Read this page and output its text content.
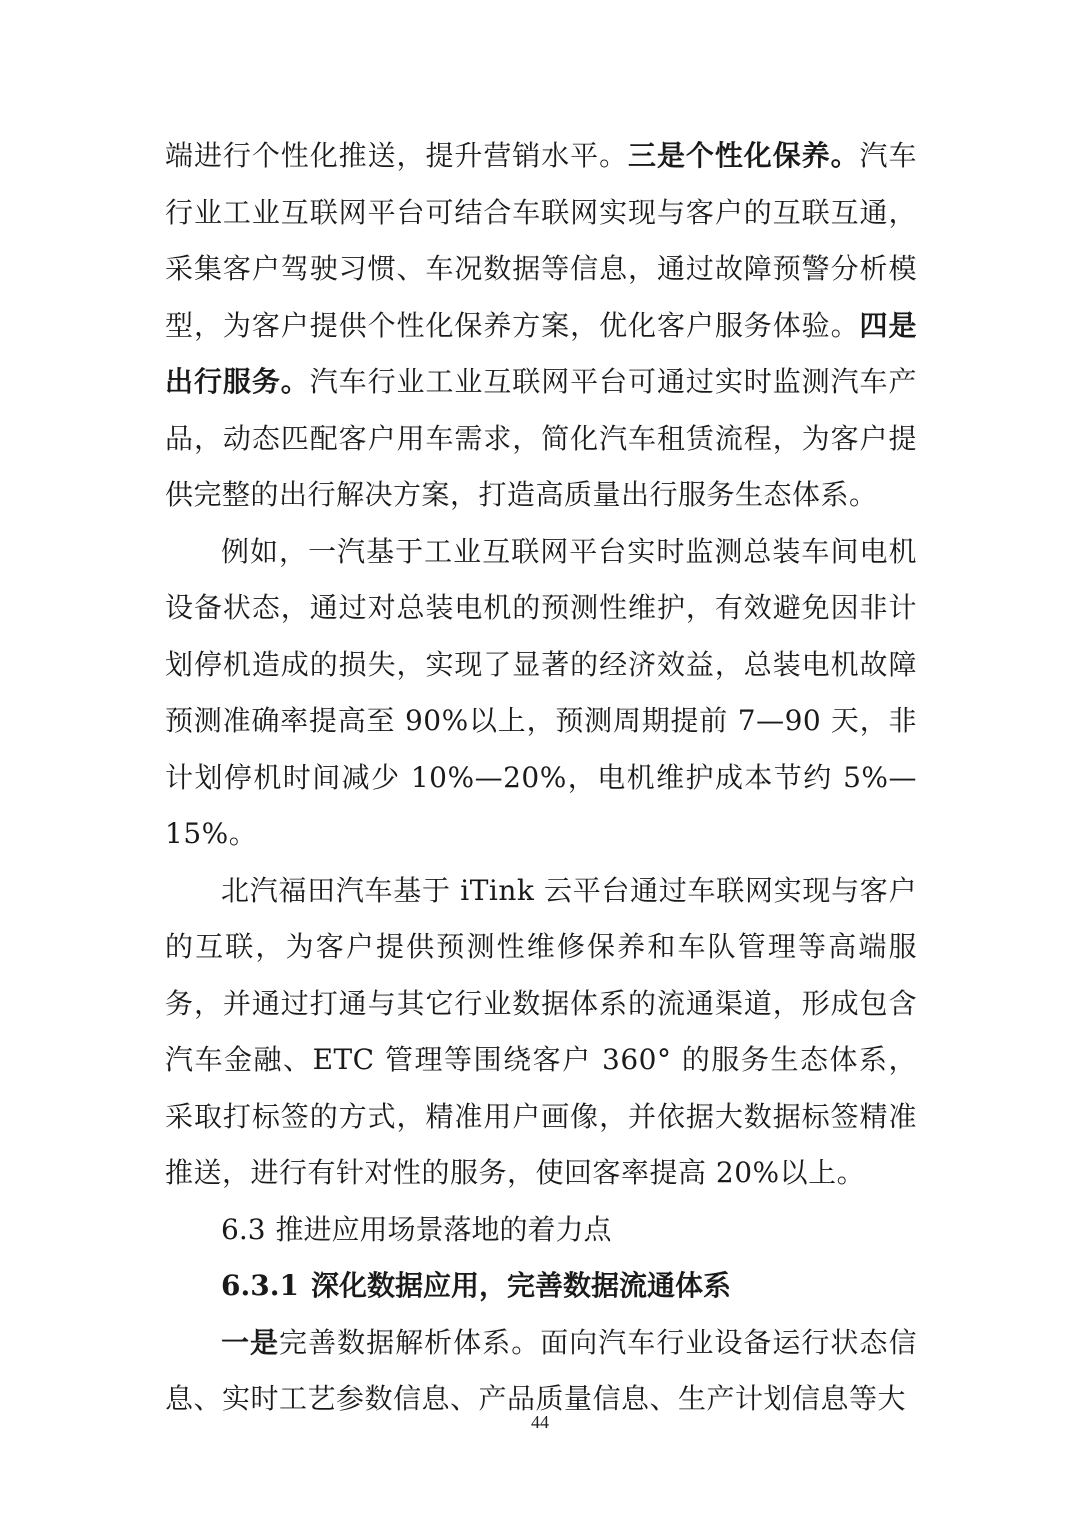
端进行个性化推送，提升营销水平。三是个性化保养。汽车行业工业互联网平台可结合车联网实现与客户的互联互通，采集客户驾驶习惯、车况数据等信息，通过故障预警分析模型，为客户提供个性化保养方案，优化客户服务体验。四是出行服务。汽车行业工业互联网平台可通过实时监测汽车产品，动态匹配客户用车需求，简化汽车租赁流程，为客户提供完整的出行解决方案，打造高质量出行服务生态体系。

例如，一汽基于工业互联网平台实时监测总装车间电机设备状态，通过对总装电机的预测性维护，有效避免因非计划停机造成的损失，实现了显著的经济效益，总装电机故障预测准确率提高至 90%以上，预测周期提前 7—90 天，非计划停机时间减少 10%—20%，电机维护成本节约 5%—15%。

北汽福田汽车基于 iTink 云平台通过车联网实现与客户的互联，为客户提供预测性维修保养和车队管理等高端服务，并通过打通与其它行业数据体系的流通渠道，形成包含汽车金融、ETC 管理等围绕客户 360° 的服务生态体系，采取打标签的方式，精准用户画像，并依据大数据标签精准推送，进行有针对性的服务，使回客率提高 20%以上。

6.3 推进应用场景落地的着力点
6.3.1 深化数据应用，完善数据流通体系

一是完善数据解析体系。面向汽车行业设备运行状态信息、实时工艺参数信息、产品质量信息、生产计划信息等大

44
